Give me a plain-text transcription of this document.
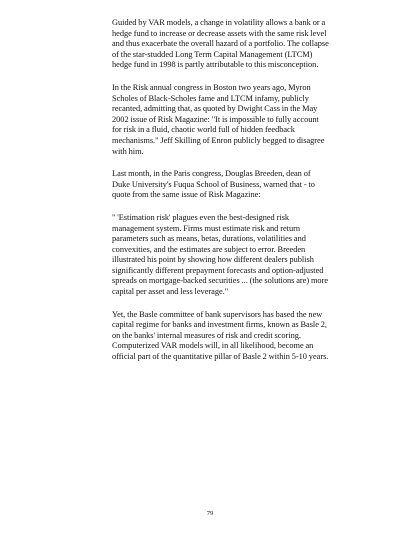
Guided by VAR models, a change in volatility allows a bank or a hedge fund to increase or decrease assets with the same risk level and thus exacerbate the overall hazard of a portfolio. The collapse of the star-studded Long Term Capital Management (LTCM) hedge fund in 1998 is partly attributable to this misconception.

In the Risk annual congress in Boston two years ago, Myron Scholes of Black-Scholes fame and LTCM infamy, publicly recanted, admitting that, as quoted by Dwight Cass in the May 2002 issue of Risk Magazine: "It is impossible to fully account for risk in a fluid, chaotic world full of hidden feedback mechanisms." Jeff Skilling of Enron publicly begged to disagree with him.

Last month, in the Paris congress, Douglas Breeden, dean of Duke University's Fuqua School of Business, warned that - to quote from the same issue of Risk Magazine:

" 'Estimation risk' plagues even the best-designed risk management system. Firms must estimate risk and return parameters such as means, betas, durations, volatilities and convexities, and the estimates are subject to error. Breeden illustrated his point by showing how different dealers publish significantly different prepayment forecasts and option-adjusted spreads on mortgage-backed securities ... (the solutions are) more capital per asset and less leverage."

Yet, the Basle committee of bank supervisors has based the new capital regime for banks and investment firms, known as Basle 2, on the banks' internal measures of risk and credit scoring. Computerized VAR models will, in all likelihood, become an official part of the quantitative pillar of Basle 2 within 5-10 years.

79
